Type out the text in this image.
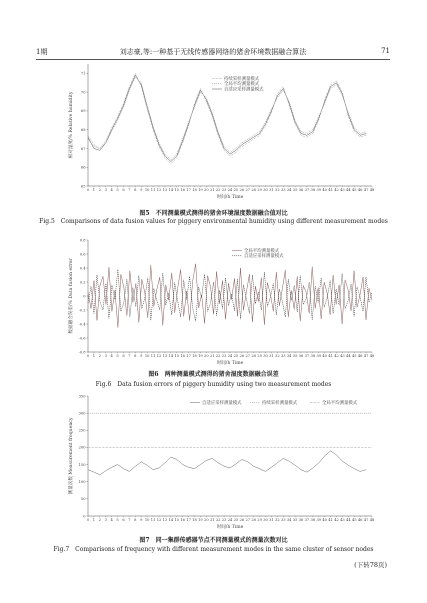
1期	刘志豪,等:一种基于无线传感器网络的猪舍环境数据融合算法	71
65
66
67
68
69
70
71
0 1 2 3 4 5 6 7 8 9 10 11 12 13 14 15 16 17 18 19 20 21 22 23 24 25 26 27 28 29 30 31 32 33 34 35 36 37 38 39 40 41 42 43 44 45 46 47 48
时间/h Time
相对湿度/% Relative humidity
持续采样测量模式
全局平均测量模式
自适应采样测量模式
-0.8
-0.6
-0.4
-0.2
0
0.2
0.4
0.6
0.8
0 1 2 3 4 5 6 7 8 9 10 11 12 13 14 15 16 17 18 19 20 21 22 23 24 25 26 27 28 29 30 31 32 33 34 35 36 37 38 39 40 41 42 43 44 45 46 47 48
时间/h Time
数据融合误差/% Data fusion error
全局平均测量模式
自适应采样测量模式
0
50
100
150
200
250
300
350
0 1 2 3 4 5 6 7 8 9 10 11 12 13 14 15 16 17 18 19 20 21 22 23 24 25 26 27 28 29 30 31 32 33 34 35 36 37 38 39 40 41 42 43 44 45 46 47 48
时间/h Time
测量次数 Measurement frequency
自适应采样测量模式	持续采样测量模式	全局平均测量模式
图5　不同测量模式测得的猪舍环境湿度数据融合值对比
Fig.5　Comparisons of data fusion values for piggery environmental humidity using different measurement modes
图6　两种测量模式测得的猪舍湿度数据融合误差
Fig.6　Data fusion errors of piggery humidity using two measurement modes
图7　同一集群传感器节点不同测量模式的测量次数对比
Fig.7　Comparisons of frequency with different measurement modes in the same cluster of sensor nodes
(下转78页)
